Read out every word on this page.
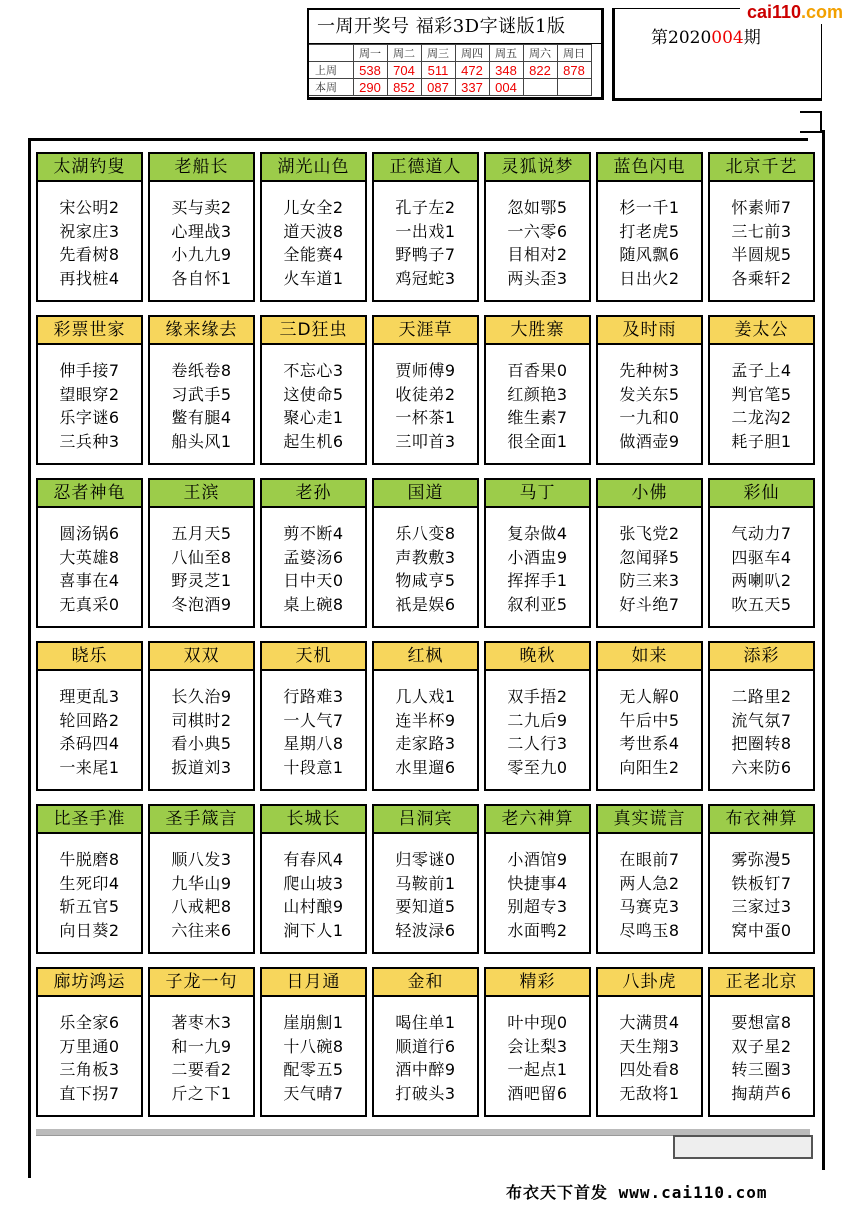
一周开奖号 福彩3D字谜版1版
	周一	周二	周三	周四	周五	周六	周日
上周	538	704	511	472	348	822	878
本周	290	852	087	337	004		
第2020004期
cai110.com
太湖钓叟
宋公明2
祝家庄3
先看树8
再找桩4
老船长
买与卖2
心理战3
小九九9
各自怀1
湖光山色
儿女全2
道天波8
全能赛4
火车道1
正德道人
孔子左2
一出戏1
野鸭子7
鸡冠蛇3
灵狐说梦
忽如鄂5
一六零6
目相对2
两头歪3
蓝色闪电
杉一千1
打老虎5
随风飘6
日出火2
北京千艺
怀素师7
三七前3
半圆规5
各乘轩2
彩票世家
伸手接7
望眼穿2
乐字谜6
三兵种3
缘来缘去
卷纸卷8
习武手5
鳖有腿4
船头风1
三D狂虫
不忘心3
这使命5
聚心走1
起生机6
天涯草
贾师傅9
收徒弟2
一杯茶1
三叩首3
大胜寨
百香果0
红颜艳3
维生素7
很全面1
及时雨
先种树3
发关东5
一九和0
做酒壶9
姜太公
孟子上4
判官笔5
二龙沟2
耗子胆1
忍者神龟
圆汤锅6
大英雄8
喜事在4
无真采0
王滨
五月天5
八仙至8
野灵芝1
冬泡酒9
老孙
剪不断4
孟婆汤6
日中天0
桌上碗8
国道
乐八变8
声教敷3
物咸亨5
祇是娱6
马丁
复杂做4
小酒盅9
挥挥手1
叙利亚5
小佛
张飞党2
忽闻驿5
防三来3
好斗绝7
彩仙
气动力7
四驱车4
两喇叭2
吹五天5
晓乐
理更乱3
轮回路2
杀码四4
一来尾1
双双
长久治9
司棋时2
看小典5
扳道刘3
天机
行路难3
一人气7
星期八8
十段意1
红枫
几人戏1
连半杯9
走家路3
水里遛6
晚秋
双手捂2
二九后9
二人行3
零至九0
如来
无人解0
午后中5
考世系4
向阳生2
添彩
二路里2
流气氛7
把圈转8
六来防6
比圣手准
牛脱磨8
生死印4
斩五官5
向日葵2
圣手箴言
顺八发3
九华山9
八戒耙8
六往来6
长城长
有春风4
爬山坡3
山村酿9
涧下人1
吕洞宾
归零谜0
马鞍前1
要知道5
轻波渌6
老六神算
小酒馆9
快捷事4
别超专3
水面鸭2
真实谎言
在眼前7
两人急2
马赛克3
尽鸣玉8
布衣神算
雾弥漫5
铁板钉7
三家过3
窝中蛋0
廊坊鸿运
乐全家6
万里通0
三角板3
直下拐7
子龙一句
著枣木3
和一九9
二要看2
斤之下1
日月通
崖崩劁1
十八碗8
配零五5
天气晴7
金和
喝住单1
顺道行6
酒中醉9
打破头3
精彩
叶中现0
会让梨3
一起点1
酒吧留6
八卦虎
大满贯4
天生翔3
四处看8
无敌将1
正老北京
要想富8
双子星2
转三圈3
掏葫芦6
布衣天下首发 www.cai110.com
